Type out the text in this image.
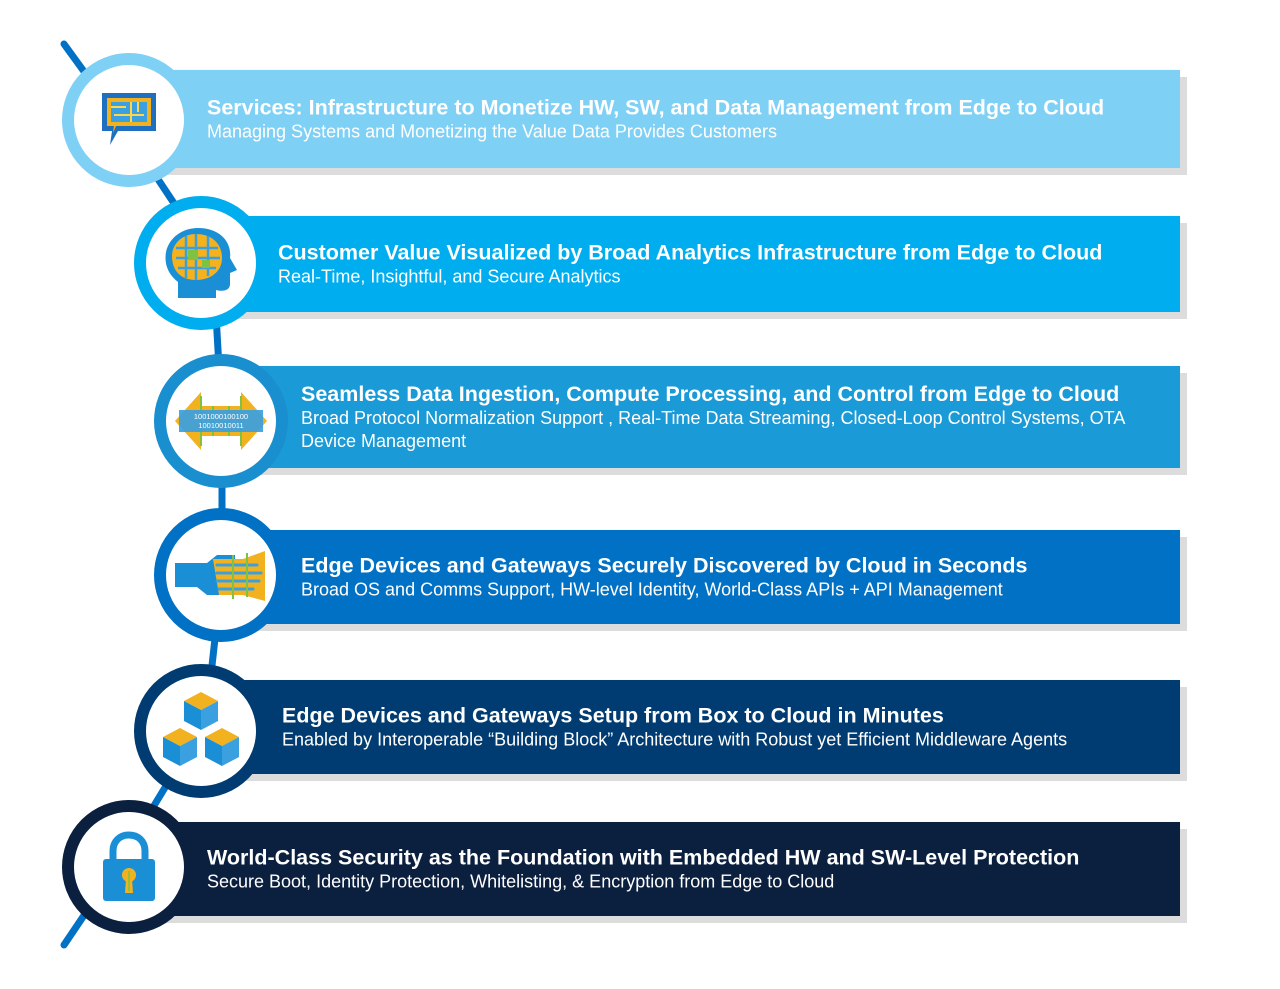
Services: Infrastructure to Monetize HW, SW, and Data Management from Edge to Cloud
Managing Systems and Monetizing the Value Data Provides Customers
Customer Value Visualized by Broad Analytics Infrastructure from Edge to Cloud
Real-Time, Insightful, and Secure Analytics
Seamless Data Ingestion, Compute Processing, and Control from Edge to Cloud
Broad Protocol Normalization Support , Real-Time Data Streaming, Closed-Loop Control Systems, OTA Device Management
1001000100100
10010010011
Edge Devices and Gateways Securely Discovered by Cloud in Seconds
Broad OS and Comms Support, HW-level Identity, World-Class APIs + API Management
Edge Devices and Gateways Setup from Box to Cloud in Minutes
Enabled by Interoperable “Building Block” Architecture with Robust yet Efficient Middleware Agents
World-Class Security as the Foundation with Embedded HW and SW-Level Protection
Secure Boot, Identity Protection, Whitelisting, & Encryption from Edge to Cloud
